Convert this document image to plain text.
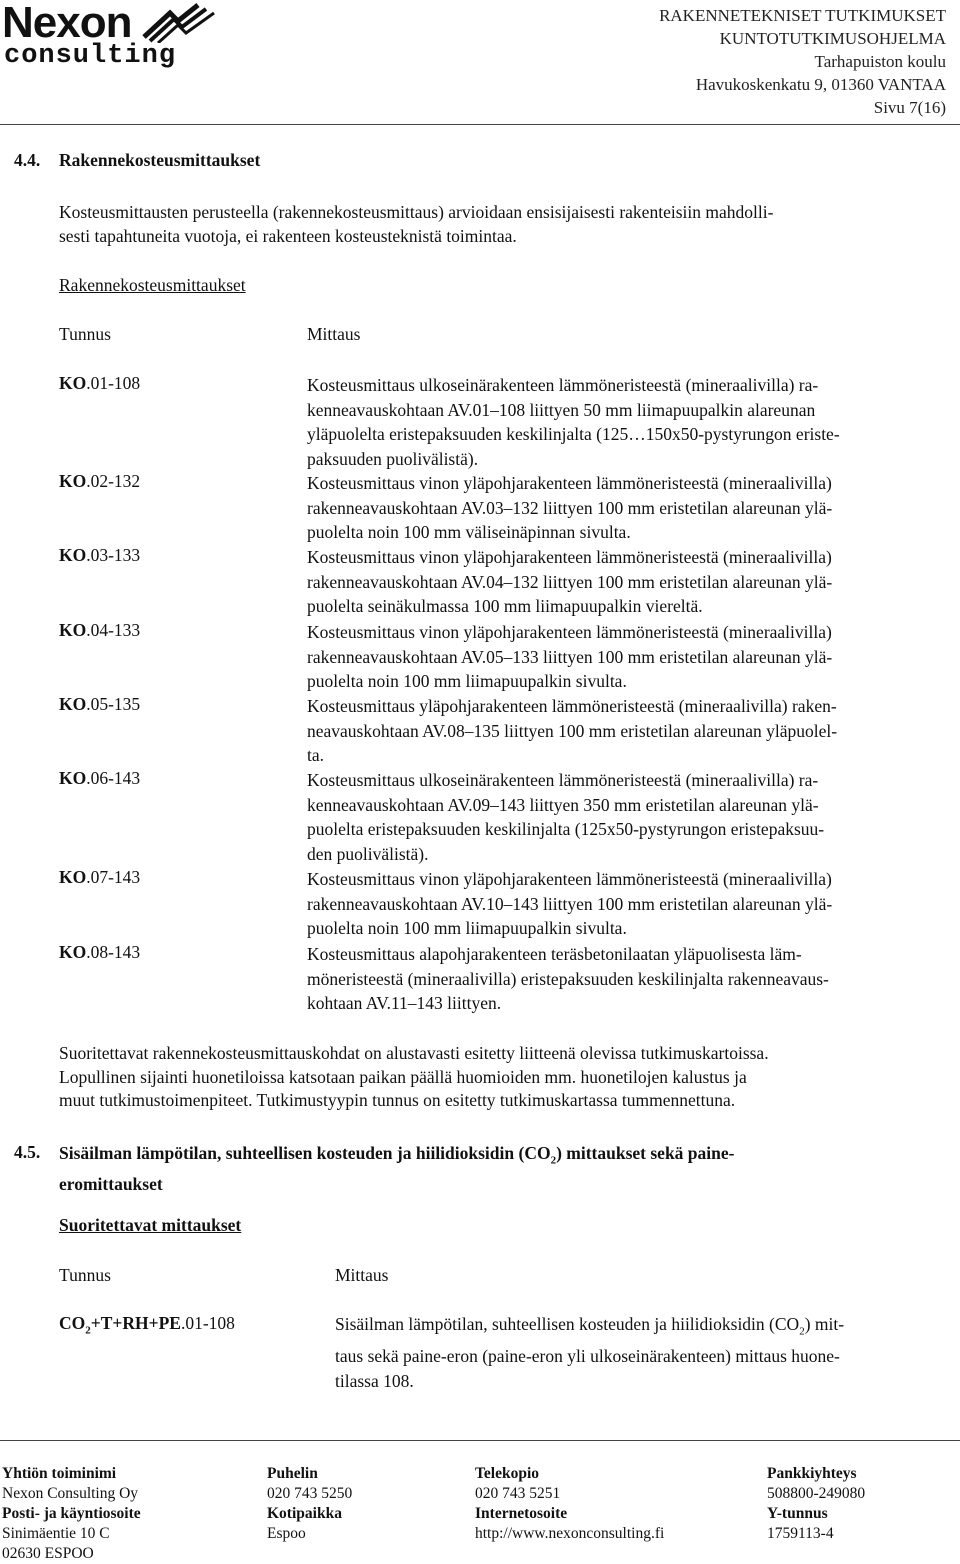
Nexon
consulting
RAKENNETEKNISET TUTKIMUKSET
KUNTOTUTKIMUSOHJELMA
Tarhapuiston koulu
Havukoskenkatu 9, 01360 VANTAA
Sivu 7(16)
4.4. Rakennekosteusmittaukset
Kosteusmittausten perusteella (rakennekosteusmittaus) arvioidaan ensisijaisesti rakenteisiin mahdolli-
sesti tapahtuneita vuotoja, ei rakenteen kosteusteknistä toimintaa.
Rakennekosteusmittaukset
Tunnus	Mittaus
KO.01-108	Kosteusmittaus ulkoseinärakenteen lämmöneristeestä (mineraalivilla) ra-
kenneavauskohtaan AV.01–108 liittyen 50 mm liimapuupalkin alareunan
yläpuolelta eristepaksuuden keskilinjalta (125…150x50-pystyrungon eriste-
paksuuden puolivälistä).
KO.02-132	Kosteusmittaus vinon yläpohjarakenteen lämmöneristeestä (mineraalivilla)
rakenneavauskohtaan AV.03–132 liittyen 100 mm eristetilan alareunan ylä-
puolelta noin 100 mm väliseinäpinnan sivulta.
KO.03-133	Kosteusmittaus vinon yläpohjarakenteen lämmöneristeestä (mineraalivilla)
rakenneavauskohtaan AV.04–132 liittyen 100 mm eristetilan alareunan ylä-
puolelta seinäkulmassa 100 mm liimapuupalkin viereltä.
KO.04-133	Kosteusmittaus vinon yläpohjarakenteen lämmöneristeestä (mineraalivilla)
rakenneavauskohtaan AV.05–133 liittyen 100 mm eristetilan alareunan ylä-
puolelta noin 100 mm liimapuupalkin sivulta.
KO.05-135	Kosteusmittaus yläpohjarakenteen lämmöneristeestä (mineraalivilla) raken-
neavauskohtaan AV.08–135 liittyen 100 mm eristetilan alareunan yläpuolel-
ta.
KO.06-143	Kosteusmittaus ulkoseinärakenteen lämmöneristeestä (mineraalivilla) ra-
kenneavauskohtaan AV.09–143 liittyen 350 mm eristetilan alareunan ylä-
puolelta eristepaksuuden keskilinjalta (125x50-pystyrungon eristepaksuu-
den puolivälistä).
KO.07-143	Kosteusmittaus vinon yläpohjarakenteen lämmöneristeestä (mineraalivilla)
rakenneavauskohtaan AV.10–143 liittyen 100 mm eristetilan alareunan ylä-
puolelta noin 100 mm liimapuupalkin sivulta.
KO.08-143	Kosteusmittaus alapohjarakenteen teräsbetonilaatan yläpuolisesta läm-
möneristeestä (mineraalivilla) eristepaksuuden keskilinjalta rakenneavaus-
kohtaan AV.11–143 liittyen.
Suoritettavat rakennekosteusmittauskohdat on alustavasti esitetty liitteenä olevissa tutkimuskartoissa.
Lopullinen sijainti huonetiloissa katsotaan paikan päällä huomioiden mm. huonetilojen kalustus ja
muut tutkimustoimenpiteet. Tutkimustyypin tunnus on esitetty tutkimuskartassa tummennettuna.
4.5. Sisäilman lämpötilan, suhteellisen kosteuden ja hiilidioksidin $(CO_2)$ mittaukset sekä paine-
eromittaukset
Suoritettavat mittaukset
Tunnus	Mittaus
$CO_2+T+RH+PE.01-108$	Sisäilman lämpötilan, suhteellisen kosteuden ja hiilidioksidin $(CO_2)$ mit-
taus sekä paine-eron (paine-eron yli ulkoseinärakenteen) mittaus huone-
tilassa 108.
Yhtiön toiminimi
Nexon Consulting Oy
Posti- ja käyntiosoite
Sinimäentie 10 C
02630 ESPOO
Puhelin
020 743 5250
Kotipaikka
Espoo
Telekopio
020 743 5251
Internetosoite
http://www.nexonconsulting.fi
Pankkiyhteys
508800-249080
Y-tunnus
1759113-4
